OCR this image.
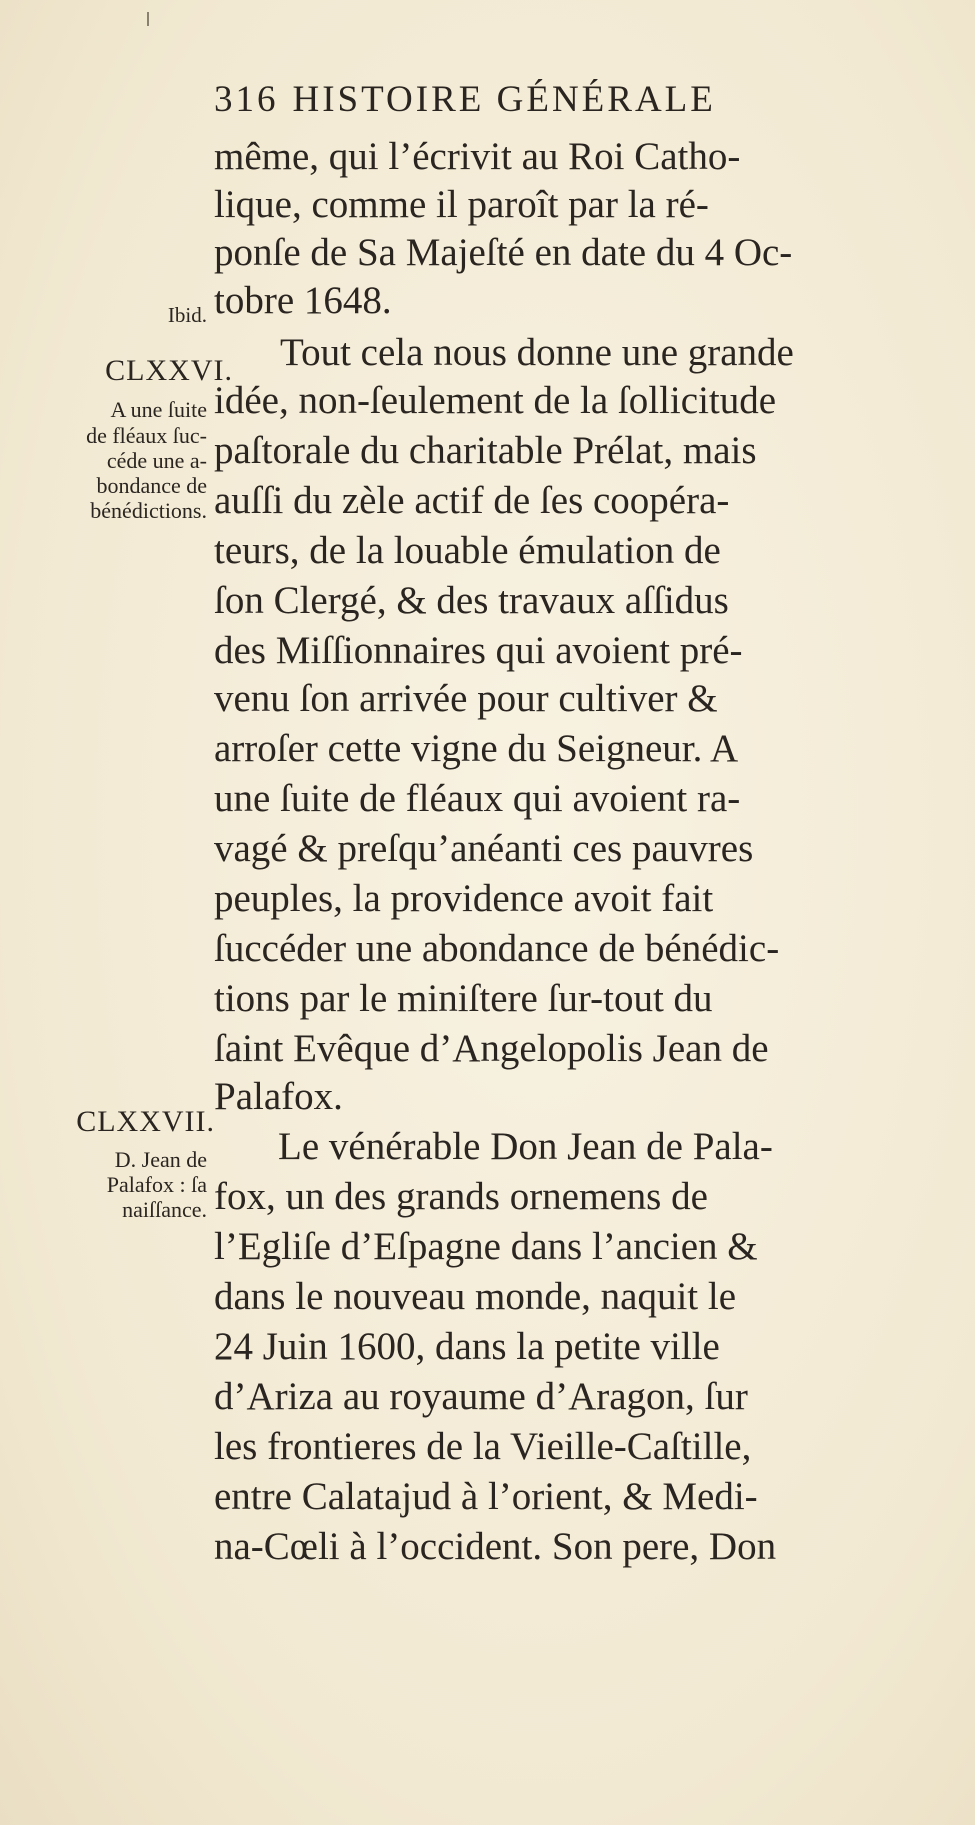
316 HISTOIRE GÉNÉRALE
Ibid.
CLXXVI.
A une ſuite
de fléaux ſuc-
céde une a-
bondance de
bénédictions.
CLXXVII.
D. Jean de
Palafox : ſa
naiſſance.
même, qui l’écrivit au Roi Catho-
lique, comme il paroît par la ré-
ponſe de Sa Majeſté en date du 4 Oc-
tobre 1648.
Tout cela nous donne une grande
idée, non-ſeulement de la ſollicitude
paſtorale du charitable Prélat, mais
auſſi du zèle actif de ſes coopéra-
teurs, de la louable émulation de
ſon Clergé, & des travaux aſſidus
des Miſſionnaires qui avoient pré-
venu ſon arrivée pour cultiver &
arroſer cette vigne du Seigneur. A
une ſuite de fléaux qui avoient ra-
vagé & preſqu’anéanti ces pauvres
peuples, la providence avoit fait
ſuccéder une abondance de bénédic-
tions par le miniſtere ſur-tout du
ſaint Evêque d’Angelopolis Jean de
Palafox.
Le vénérable Don Jean de Pala-
fox, un des grands ornemens de
l’Egliſe d’Eſpagne dans l’ancien &
dans le nouveau monde, naquit le
24 Juin 1600, dans la petite ville
d’Ariza au royaume d’Aragon, ſur
les frontieres de la Vieille-Caſtille,
entre Calatajud à l’orient, & Medi-
na-Cœli à l’occident. Son pere, Don
